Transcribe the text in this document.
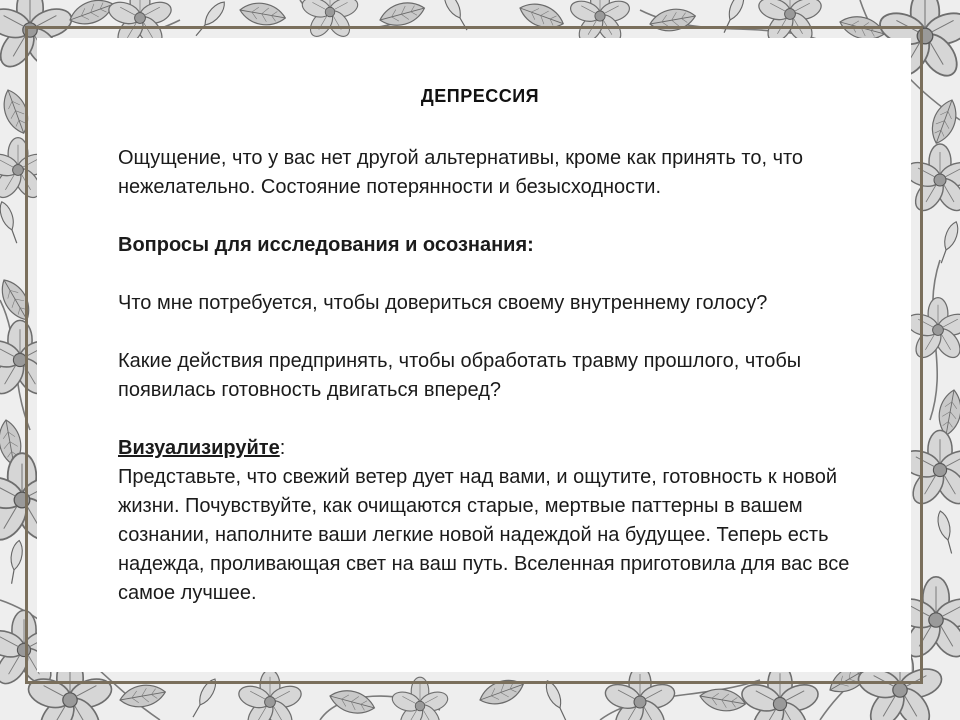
ДЕПРЕССИЯ

Ощущение, что у вас нет другой альтернативы, кроме как принять то, что нежелательно. Состояние потерянности и безысходности.

Вопросы для исследования и осознания:

Что мне потребуется, чтобы довериться своему внутреннему голосу?

Какие действия предпринять, чтобы обработать травму прошлого, чтобы появилась готовность двигаться вперед?

Визуализируйте:

Представьте, что свежий ветер дует над вами, и ощутите, готовность к новой жизни. Почувствуйте, как очищаются старые, мертвые паттерны в вашем сознании, наполните ваши легкие новой надеждой на будущее. Теперь есть надежда, проливающая свет на ваш путь. Вселенная приготовила для вас все самое лучшее.
